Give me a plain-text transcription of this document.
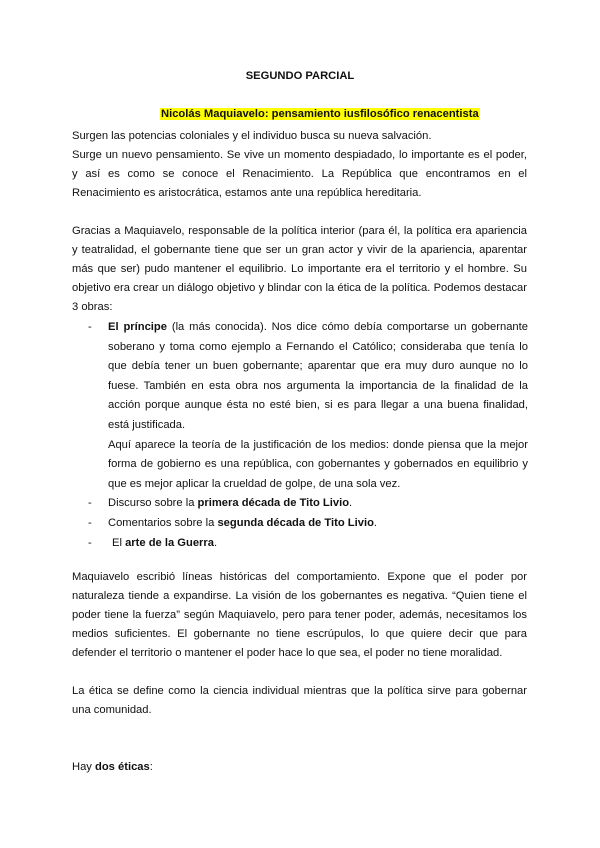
SEGUNDO PARCIAL
Nicolás Maquiavelo: pensamiento iusfilosófico renacentista

Surgen las potencias coloniales y el individuo busca su nueva salvación.

Surge un nuevo pensamiento. Se vive un momento despiadado, lo importante es el poder, y así es como se conoce el Renacimiento. La República que encontramos en el Renacimiento es aristocrática, estamos ante una república hereditaria.

Gracias a Maquiavelo, responsable de la política interior (para él, la política era apariencia y teatralidad, el gobernante tiene que ser un gran actor y vivir de la apariencia, aparentar más que ser) pudo mantener el equilibrio. Lo importante era el territorio y el hombre. Su objetivo era crear un diálogo objetivo y blindar con la ética de la política. Podemos destacar 3 obras:
- El príncipe (la más conocida). Nos dice cómo debía comportarse un gobernante soberano y toma como ejemplo a Fernando el Católico; consideraba que tenía lo que debía tener un buen gobernante; aparentar que era muy duro aunque no lo fuese. También en esta obra nos argumenta la importancia de la finalidad de la acción porque aunque ésta no esté bien, si es para llegar a una buena finalidad, está justificada.
Aquí aparece la teoría de la justificación de los medios: donde piensa que la mejor forma de gobierno es una república, con gobernantes y gobernados en equilibrio y que es mejor aplicar la crueldad de golpe, de una sola vez.
- Discurso sobre la primera década de Tito Livio.
- Comentarios sobre la segunda década de Tito Livio.
-	El arte de la Guerra.
Maquiavelo escribió líneas históricas del comportamiento. Expone que el poder por naturaleza tiende a expandirse. La visión de los gobernantes es negativa. “Quien tiene el poder tiene la fuerza” según Maquiavelo, pero para tener poder, además, necesitamos los medios suficientes. El gobernante no tiene escrúpulos, lo que quiere decir que para defender el territorio o mantener el poder hace lo que sea, el poder no tiene moralidad.
La ética se define como la ciencia individual mientras que la política sirve para gobernar una comunidad.
Hay dos éticas:
